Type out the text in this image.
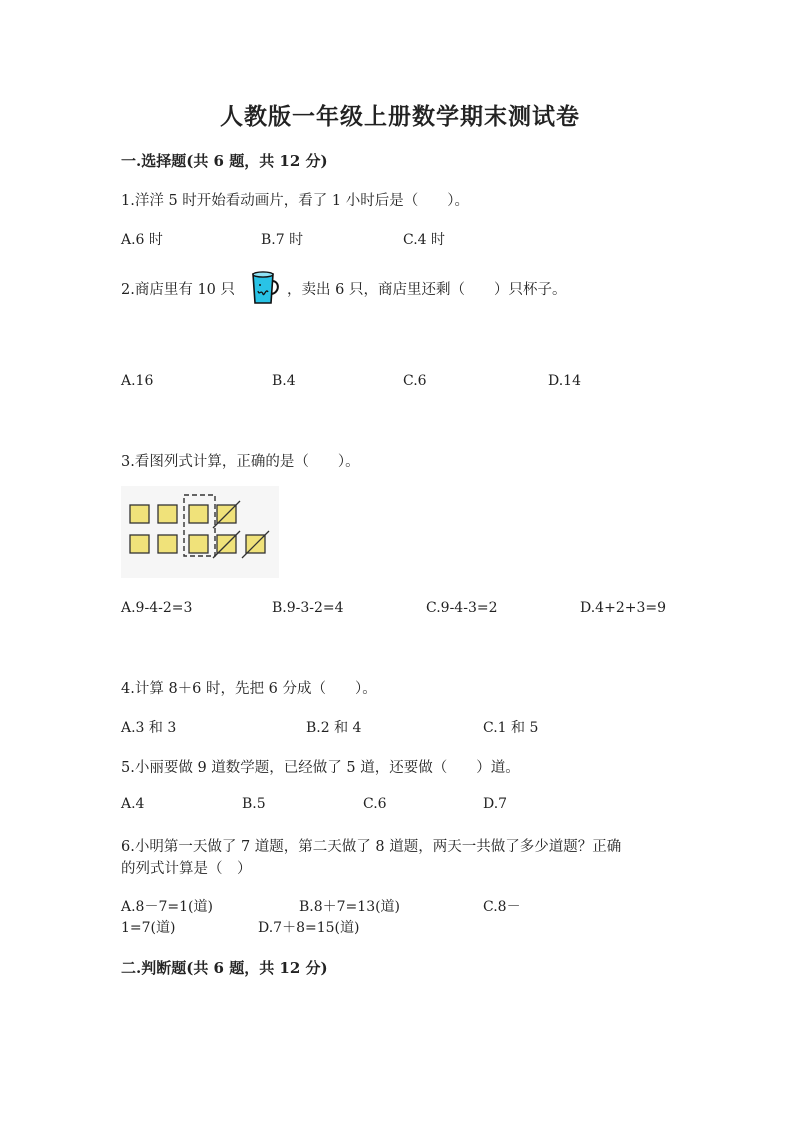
人教版一年级上册数学期末测试卷
一.选择题(共 6 题，共 12 分)
1.洋洋 5 时开始看动画片，看了 1 小时后是（　　）。
A.6 时	B.7 时	C.4 时
2.商店里有 10 只	，卖出 6 只，商店里还剩（　　）只杯子。
A.16	B.4	C.6	D.14
3.看图列式计算，正确的是（　　）。
A.9-4-2=3	B.9-3-2=4	C.9-4-3=2	D.4+2+3=9
4.计算 8＋6 时，先把 6 分成（　　）。
A.3 和 3	B.2 和 4	C.1 和 5
5.小丽要做 9 道数学题，已经做了 5 道，还要做（　　）道。
A.4	B.5	C.6	D.7
6.小明第一天做了 7 道题，第二天做了 8 道题，两天一共做了多少道题？正确
的列式计算是（　）
A.8－7=1(道)	B.8＋7=13(道)	C.8－
1=7(道)	D.7＋8=15(道)
二.判断题(共 6 题，共 12 分)
